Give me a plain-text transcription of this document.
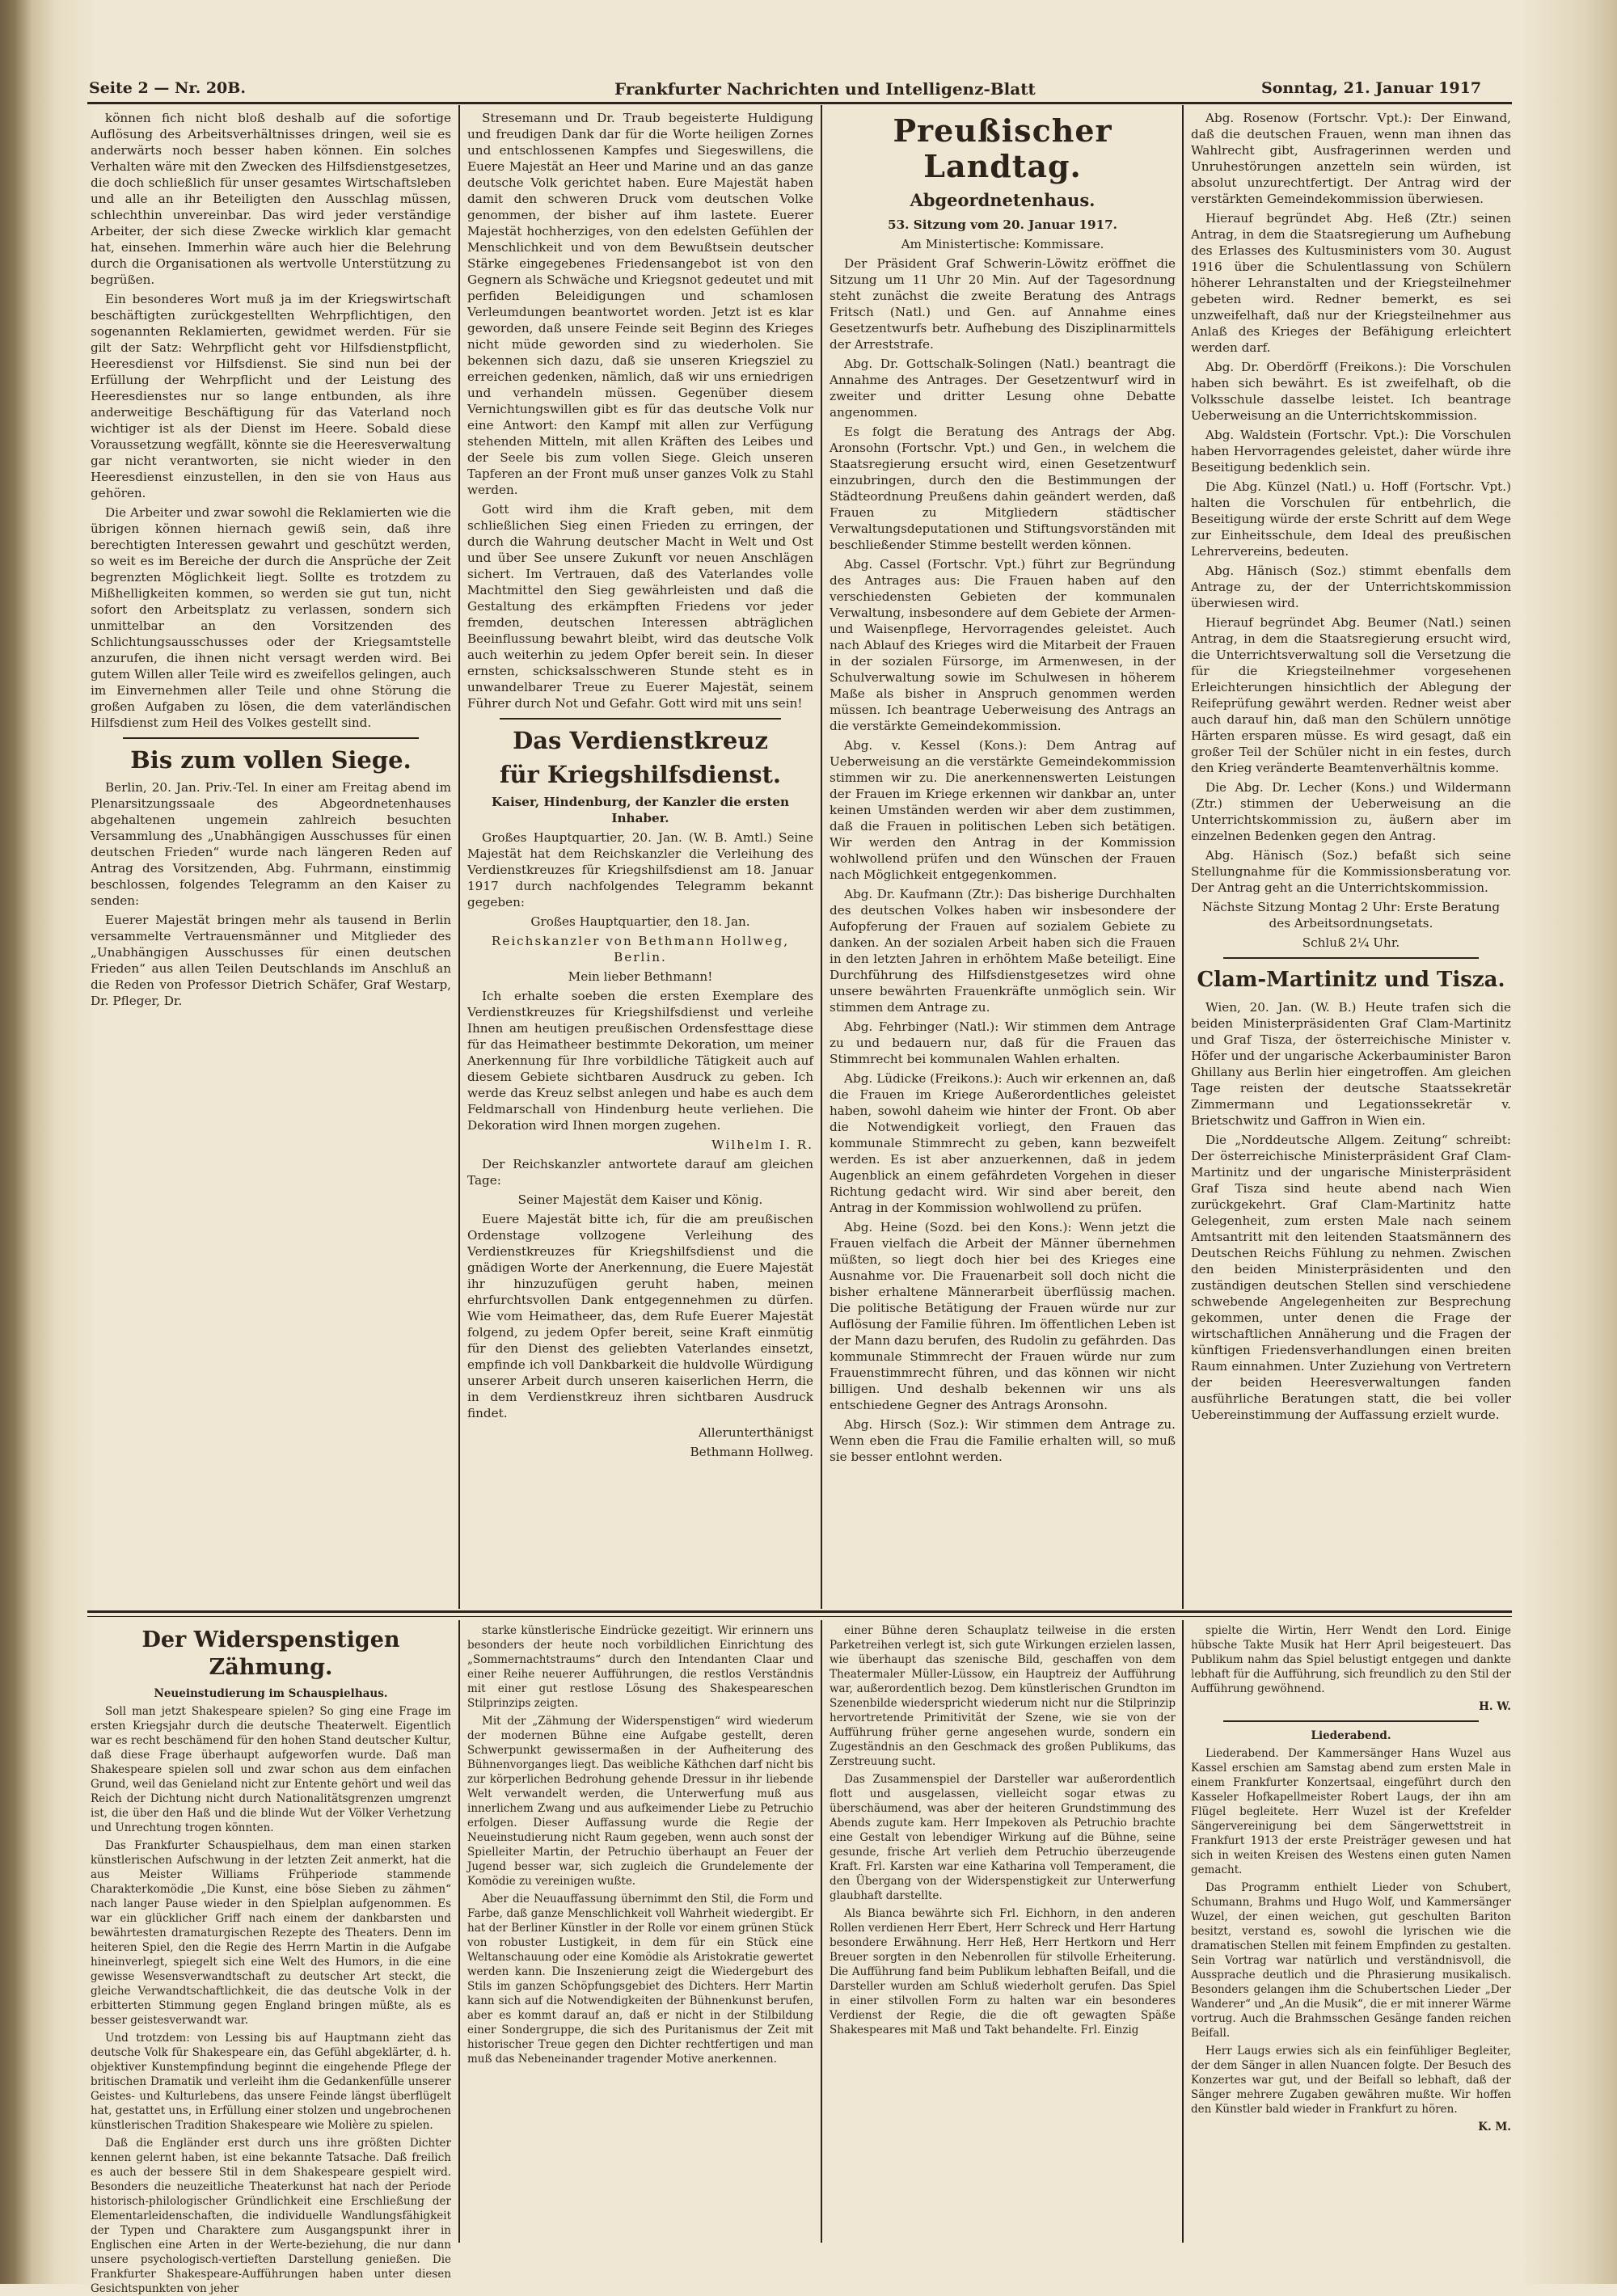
Seite 2 — Nr. 20B.	Frankfurter Nachrichten und Intelligenz-Blatt	Sonntag, 21. Januar 1917

können fich nicht bloß deshalb auf die sofortige Auflösung des Arbeitsverhältnisses dringen, weil sie es anderwärts noch besser haben können. Ein solches Verhalten wäre mit den Zwecken des Hilfsdienstgesetzes, die doch schließlich für unser gesamtes Wirtschaftsleben und alle an ihr Beteiligten den Ausschlag müssen, schlechthin unvereinbar. Das wird jeder verständige Arbeiter, der sich diese Zwecke wirklich klar gemacht hat, einsehen. Immerhin wäre auch hier die Belehrung durch die Organisationen als wertvolle Unterstützung zu begrüßen.

Ein besonderes Wort muß ja im der Kriegswirtschaft beschäftigten zurückgestellten Wehrpflichtigen, den sogenannten Reklamierten, gewidmet werden. Für sie gilt der Satz: Wehrpflicht geht vor Hilfsdienstpflicht, Heeresdienst vor Hilfsdienst. Sie sind nun bei der Erfüllung der Wehrpflicht und der Leistung des Heeresdienstes nur so lange entbunden, als ihre anderweitige Beschäftigung für das Vaterland noch wichtiger ist als der Dienst im Heere. Sobald diese Voraussetzung wegfällt, könnte sie die Heeresverwaltung gar nicht verantworten, sie nicht wieder in den Heeresdienst einzustellen, in den sie von Haus aus gehören.

Die Arbeiter und zwar sowohl die Reklamierten wie die übrigen können hiernach gewiß sein, daß ihre berechtigten Interessen gewahrt und geschützt werden, so weit es im Bereiche der durch die Ansprüche der Zeit begrenzten Möglichkeit liegt. Sollte es trotzdem zu Mißhelligkeiten kommen, so werden sie gut tun, nicht sofort den Arbeitsplatz zu verlassen, sondern sich unmittelbar an den Vorsitzenden des Schlichtungsausschusses oder der Kriegsamtstelle anzurufen, die ihnen nicht versagt werden wird. Bei gutem Willen aller Teile wird es zweifellos gelingen, auch im Einvernehmen aller Teile und ohne Störung die großen Aufgaben zu lösen, die dem vaterländischen Hilfsdienst zum Heil des Volkes gestellt sind.

Bis zum vollen Siege.

Berlin, 20. Jan. Priv.-Tel. In einer am Freitag abend im Plenarsitzungssaale des Abgeordnetenhauses abgehaltenen ungemein zahlreich besuchten Versammlung des „Unabhängigen Ausschusses für einen deutschen Frieden“ wurde nach längeren Reden auf Antrag des Vorsitzenden, Abg. Fuhrmann, einstimmig beschlossen, folgendes Telegramm an den Kaiser zu senden:

Euerer Majestät bringen mehr als tausend in Berlin versammelte Vertrauensmänner und Mitglieder des „Unabhängigen Ausschusses für einen deutschen Frieden“ aus allen Teilen Deutschlands im Anschluß an die Reden von Professor Dietrich Schäfer, Graf Westarp, Dr. Pfleger, Dr.

Stresemann und Dr. Traub begeisterte Huldigung und freudigen Dank dar für die Worte heiligen Zornes und entschlossenen Kampfes und Siegeswillens, die Euere Majestät an Heer und Marine und an das ganze deutsche Volk gerichtet haben. Eure Majestät haben damit den schweren Druck vom deutschen Volke genommen, der bisher auf ihm lastete. Euerer Majestät hochherziges, von den edelsten Gefühlen der Menschlichkeit und von dem Bewußtsein deutscher Stärke eingegebenes Friedensangebot ist von den Gegnern als Schwäche und Kriegsnot gedeutet und mit perfiden Beleidigungen und schamlosen Verleumdungen beantwortet worden. Jetzt ist es klar geworden, daß unsere Feinde seit Beginn des Krieges nicht müde geworden sind zu wiederholen. Sie bekennen sich dazu, daß sie unseren Kriegsziel zu erreichen gedenken, nämlich, daß wir uns erniedrigen und verhandeln müssen. Gegenüber diesem Vernichtungswillen gibt es für das deutsche Volk nur eine Antwort: den Kampf mit allen zur Verfügung stehenden Mitteln, mit allen Kräften des Leibes und der Seele bis zum vollen Siege. Gleich unseren Tapferen an der Front muß unser ganzes Volk zu Stahl werden.

Gott wird ihm die Kraft geben, mit dem schließlichen Sieg einen Frieden zu erringen, der durch die Wahrung deutscher Macht in Welt und Ost und über See unsere Zukunft vor neuen Anschlägen sichert. Im Vertrauen, daß des Vaterlandes volle Machtmittel den Sieg gewährleisten und daß die Gestaltung des erkämpften Friedens vor jeder fremden, deutschen Interessen abträglichen Beeinflussung bewahrt bleibt, wird das deutsche Volk auch weiterhin zu jedem Opfer bereit sein. In dieser ernsten, schicksalsschweren Stunde steht es in unwandelbarer Treue zu Euerer Majestät, seinem Führer durch Not und Gefahr. Gott wird mit uns sein!

Das Verdienstkreuz
für Kriegshilfsdienst.

Kaiser, Hindenburg, der Kanzler die ersten Inhaber.

Großes Hauptquartier, 20. Jan. (W. B. Amtl.) Seine Majestät hat dem Reichskanzler die Verleihung des Verdienstkreuzes für Kriegshilfsdienst am 18. Januar 1917 durch nachfolgendes Telegramm bekannt gegeben:

Großes Hauptquartier, den 18. Jan.

Reichskanzler von Bethmann Hollweg, Berlin.

Mein lieber Bethmann!

Ich erhalte soeben die ersten Exemplare des Verdienstkreuzes für Kriegshilfsdienst und verleihe Ihnen am heutigen preußischen Ordensfesttage diese für das Heimatheer bestimmte Dekoration, um meiner Anerkennung für Ihre vorbildliche Tätigkeit auch auf diesem Gebiete sichtbaren Ausdruck zu geben. Ich werde das Kreuz selbst anlegen und habe es auch dem Feldmarschall von Hindenburg heute verliehen. Die Dekoration wird Ihnen morgen zugehen.

Wilhelm I. R.

Der Reichskanzler antwortete darauf am gleichen Tage:

Seiner Majestät dem Kaiser und König.

Euere Majestät bitte ich, für die am preußischen Ordenstage vollzogene Verleihung des Verdienstkreuzes für Kriegshilfsdienst und die gnädigen Worte der Anerkennung, die Euere Majestät ihr hinzuzufügen geruht haben, meinen ehrfurchtsvollen Dank entgegennehmen zu dürfen. Wie vom Heimatheer, das, dem Rufe Euerer Majestät folgend, zu jedem Opfer bereit, seine Kraft einmütig für den Dienst des geliebten Vaterlandes einsetzt, empfinde ich voll Dankbarkeit die huldvolle Würdigung unserer Arbeit durch unseren kaiserlichen Herrn, die in dem Verdienstkreuz ihren sichtbaren Ausdruck findet.

Allerunterthänigst

Bethmann Hollweg.

Preußischer Landtag.
Abgeordnetenhaus.

53. Sitzung vom 20. Januar 1917.

Am Ministertische: Kommissare.

Der Präsident Graf Schwerin-Löwitz eröffnet die Sitzung um 11 Uhr 20 Min. Auf der Tagesordnung steht zunächst die zweite Beratung des Antrags Fritsch (Natl.) und Gen. auf Annahme eines Gesetzentwurfs betr. Aufhebung des Disziplinarmittels der Arreststrafe.

Abg. Dr. Gottschalk-Solingen (Natl.) beantragt die Annahme des Antrages. Der Gesetzentwurf wird in zweiter und dritter Lesung ohne Debatte angenommen.

Es folgt die Beratung des Antrags der Abg. Aronsohn (Fortschr. Vpt.) und Gen., in welchem die Staatsregierung ersucht wird, einen Gesetzentwurf einzubringen, durch den die Bestimmungen der Städteordnung Preußens dahin geändert werden, daß Frauen zu Mitgliedern städtischer Verwaltungsdeputationen und Stiftungsvorständen mit beschließender Stimme bestellt werden können.

Abg. Cassel (Fortschr. Vpt.) führt zur Begründung des Antrages aus: Die Frauen haben auf den verschiedensten Gebieten der kommunalen Verwaltung, insbesondere auf dem Gebiete der Armen- und Waisenpflege, Hervorragendes geleistet. Auch nach Ablauf des Krieges wird die Mitarbeit der Frauen in der sozialen Fürsorge, im Armenwesen, in der Schulverwaltung sowie im Schulwesen in höherem Maße als bisher in Anspruch genommen werden müssen. Ich beantrage Ueberweisung des Antrags an die verstärkte Gemeindekommission.

Abg. v. Kessel (Kons.): Dem Antrag auf Ueberweisung an die verstärkte Gemeindekommission stimmen wir zu. Die anerkennenswerten Leistungen der Frauen im Kriege erkennen wir dankbar an, unter keinen Umständen werden wir aber dem zustimmen, daß die Frauen in politischen Leben sich betätigen. Wir werden den Antrag in der Kommission wohlwollend prüfen und den Wünschen der Frauen nach Möglichkeit entgegenkommen.

Abg. Dr. Kaufmann (Ztr.): Das bisherige Durchhalten des deutschen Volkes haben wir insbesondere der Aufopferung der Frauen auf sozialem Gebiete zu danken. An der sozialen Arbeit haben sich die Frauen in den letzten Jahren in erhöhtem Maße beteiligt. Eine Durchführung des Hilfsdienstgesetzes wird ohne unsere bewährten Frauenkräfte unmöglich sein. Wir stimmen dem Antrage zu.

Abg. Fehrbinger (Natl.): Wir stimmen dem Antrage zu und bedauern nur, daß für die Frauen das Stimmrecht bei kommunalen Wahlen erhalten.

Abg. Lüdicke (Freikons.): Auch wir erkennen an, daß die Frauen im Kriege Außerordentliches geleistet haben, sowohl daheim wie hinter der Front. Ob aber die Notwendigkeit vorliegt, den Frauen das kommunale Stimmrecht zu geben, kann bezweifelt werden. Es ist aber anzuerkennen, daß in jedem Augenblick an einem gefährdeten Vorgehen in dieser Richtung gedacht wird. Wir sind aber bereit, den Antrag in der Kommission wohlwollend zu prüfen.

Abg. Heine (Sozd. bei den Kons.): Wenn jetzt die Frauen vielfach die Arbeit der Männer übernehmen müßten, so liegt doch hier bei des Krieges eine Ausnahme vor. Die Frauenarbeit soll doch nicht die bisher erhaltene Männerarbeit überflüssig machen. Die politische Betätigung der Frauen würde nur zur Auflösung der Familie führen. Im öffentlichen Leben ist der Mann dazu berufen, des Rudolin zu gefährden. Das kommunale Stimmrecht der Frauen würde nur zum Frauenstimmrecht führen, und das können wir nicht billigen. Und deshalb bekennen wir uns als entschiedene Gegner des Antrags Aronsohn.

Abg. Hirsch (Soz.): Wir stimmen dem Antrage zu. Wenn eben die Frau die Familie erhalten will, so muß sie besser entlohnt werden.

Abg. Rosenow (Fortschr. Vpt.): Der Einwand, daß die deutschen Frauen, wenn man ihnen das Wahlrecht gibt, Ausfragerinnen werden und Unruhestörungen anzetteln sein würden, ist absolut unzurechtfertigt. Der Antrag wird der verstärkten Gemeindekommission überwiesen.

Hierauf begründet Abg. Heß (Ztr.) seinen Antrag, in dem die Staatsregierung um Aufhebung des Erlasses des Kultusministers vom 30. August 1916 über die Schulentlassung von Schülern höherer Lehranstalten und der Kriegsteilnehmer gebeten wird. Redner bemerkt, es sei unzweifelhaft, daß nur der Kriegsteilnehmer aus Anlaß des Krieges der Befähigung erleichtert werden darf.

Abg. Dr. Oberdörff (Freikons.): Die Vorschulen haben sich bewährt. Es ist zweifelhaft, ob die Volksschule dasselbe leistet. Ich beantrage Ueberweisung an die Unterrichtskommission.

Abg. Waldstein (Fortschr. Vpt.): Die Vorschulen haben Hervorragendes geleistet, daher würde ihre Beseitigung bedenklich sein.

Die Abg. Künzel (Natl.) u. Hoff (Fortschr. Vpt.) halten die Vorschulen für entbehrlich, die Beseitigung würde der erste Schritt auf dem Wege zur Einheitsschule, dem Ideal des preußischen Lehrervereins, bedeuten.

Abg. Hänisch (Soz.) stimmt ebenfalls dem Antrage zu, der der Unterrichtskommission überwiesen wird.

Hierauf begründet Abg. Beumer (Natl.) seinen Antrag, in dem die Staatsregierung ersucht wird, die Unterrichtsverwaltung soll die Versetzung die für die Kriegsteilnehmer vorgesehenen Erleichterungen hinsichtlich der Ablegung der Reifeprüfung gewährt werden. Redner weist aber auch darauf hin, daß man den Schülern unnötige Härten ersparen müsse. Es wird gesagt, daß ein großer Teil der Schüler nicht in ein festes, durch den Krieg veränderte Beamtenverhältnis komme.

Die Abg. Dr. Lecher (Kons.) und Wildermann (Ztr.) stimmen der Ueberweisung an die Unterrichtskommission zu, äußern aber im einzelnen Bedenken gegen den Antrag.

Abg. Hänisch (Soz.) befaßt sich seine Stellungnahme für die Kommissionsberatung vor. Der Antrag geht an die Unterrichtskommission.

Nächste Sitzung Montag 2 Uhr: Erste Beratung des Arbeitsordnungsetats.

Schluß 2¼ Uhr.

Clam-Martinitz und Tisza.

Wien, 20. Jan. (W. B.) Heute trafen sich die beiden Ministerpräsidenten Graf Clam-Martinitz und Graf Tisza, der österreichische Minister v. Höfer und der ungarische Ackerbauminister Baron Ghillany aus Berlin hier eingetroffen. Am gleichen Tage reisten der deutsche Staatssekretär Zimmermann und Legationssekretär v. Brietschwitz und Gaffron in Wien ein.

Die „Norddeutsche Allgem. Zeitung“ schreibt: Der österreichische Ministerpräsident Graf Clam-Martinitz und der ungarische Ministerpräsident Graf Tisza sind heute abend nach Wien zurückgekehrt. Graf Clam-Martinitz hatte Gelegenheit, zum ersten Male nach seinem Amtsantritt mit den leitenden Staatsmännern des Deutschen Reichs Fühlung zu nehmen. Zwischen den beiden Ministerpräsidenten und den zuständigen deutschen Stellen sind verschiedene schwebende Angelegenheiten zur Besprechung gekommen, unter denen die Frage der wirtschaftlichen Annäherung und die Fragen der künftigen Friedensverhandlungen einen breiten Raum einnahmen. Unter Zuziehung von Vertretern der beiden Heeresverwaltungen fanden ausführliche Beratungen statt, die bei voller Uebereinstimmung der Auffassung erzielt wurde.

Der Widerspenstigen Zähmung.

Neueinstudierung im Schauspielhaus.

Soll man jetzt Shakespeare spielen? So ging eine Frage im ersten Kriegsjahr durch die deutsche Theaterwelt. Eigentlich war es recht beschämend für den hohen Stand deutscher Kultur, daß diese Frage überhaupt aufgeworfen wurde. Daß man Shakespeare spielen soll und zwar schon aus dem einfachen Grund, weil das Genieland nicht zur Entente gehört und weil das Reich der Dichtung nicht durch Nationalitätsgrenzen umgrenzt ist, die über den Haß und die blinde Wut der Völker Verhetzung und Unrechtung trogen könnten.

Das Frankfurter Schauspielhaus, dem man einen starken künstlerischen Aufschwung in der letzten Zeit anmerkt, hat die aus Meister Williams Frühperiode stammende Charakterkomödie „Die Kunst, eine böse Sieben zu zähmen“ nach langer Pause wieder in den Spielplan aufgenommen. Es war ein glücklicher Griff nach einem der dankbarsten und bewährtesten dramaturgischen Rezepte des Theaters. Denn im heiteren Spiel, den die Regie des Herrn Martin in die Aufgabe hineinverlegt, spiegelt sich eine Welt des Humors, in die eine gewisse Wesensverwandtschaft zu deutscher Art steckt, die gleiche Verwandtschaftlichkeit, die das deutsche Volk in der erbitterten Stimmung gegen England bringen müßte, als es besser geistesverwandt war.

Und trotzdem: von Lessing bis auf Hauptmann zieht das deutsche Volk für Shakespeare ein, das Gefühl abgeklärter, d. h. objektiver Kunstempfindung beginnt die eingehende Pflege der britischen Dramatik und verleiht ihm die Gedankenfülle unserer Geistes- und Kulturlebens, das unsere Feinde längst überflügelt hat, gestattet uns, in Erfüllung einer stolzen und ungebrochenen künstlerischen Tradition Shakespeare wie Molière zu spielen.

Daß die Engländer erst durch uns ihre größten Dichter kennen gelernt haben, ist eine bekannte Tatsache. Daß freilich es auch der bessere Stil in dem Shakespeare gespielt wird. Besonders die neuzeitliche Theaterkunst hat nach der Periode historisch-philologischer Gründlichkeit eine Erschließung der Elementarleidenschaften, die individuelle Wandlungsfähigkeit der Typen und Charaktere zum Ausgangspunkt ihrer in Englischen eine Arten in der Werte-beziehung, die nur dann unsere psychologisch-vertieften Darstellung genießen. Die Frankfurter Shakespeare-Aufführungen haben unter diesen Gesichtspunkten von jeher

starke künstlerische Eindrücke gezeitigt. Wir erinnern uns besonders der heute noch vorbildlichen Einrichtung des „Sommernachtstraums“ durch den Intendanten Claar und einer Reihe neuerer Aufführungen, die restlos Verständnis mit einer gut restlose Lösung des Shakespeareschen Stilprinzips zeigten.

Mit der „Zähmung der Widerspenstigen“ wird wiederum der modernen Bühne eine Aufgabe gestellt, deren Schwerpunkt gewissermaßen in der Aufheiterung des Bühnenvorganges liegt. Das weibliche Käthchen darf nicht bis zur körperlichen Bedrohung gehende Dressur in ihr liebende Welt verwandelt werden, die Unterwerfung muß aus innerlichem Zwang und aus aufkeimender Liebe zu Petruchio erfolgen. Dieser Auffassung wurde die Regie der Neueinstudierung nicht Raum gegeben, wenn auch sonst der Spielleiter Martin, der Petruchio überhaupt an Feuer der Jugend besser war, sich zugleich die Grundelemente der Komödie zu vereinigen wußte.

Aber die Neuauffassung übernimmt den Stil, die Form und Farbe, daß ganze Menschlichkeit voll Wahrheit wiedergibt. Er hat der Berliner Künstler in der Rolle vor einem grünen Stück von robuster Lustigkeit, in dem für ein Stück eine Weltanschauung oder eine Komödie als Aristokratie gewertet werden kann. Die Inszenierung zeigt die Wiedergeburt des Stils im ganzen Schöpfungsgebiet des Dichters. Herr Martin kann sich auf die Notwendigkeiten der Bühnenkunst berufen, aber es kommt darauf an, daß er nicht in der Stilbildung einer Sondergruppe, die sich des Puritanismus der Zeit mit historischer Treue gegen den Dichter rechtfertigen und man muß das Nebeneinander tragender Motive anerkennen.

einer Bühne deren Schauplatz teilweise in die ersten Parketreihen verlegt ist, sich gute Wirkungen erzielen lassen, wie überhaupt das szenische Bild, geschaffen von dem Theatermaler Müller-Lüssow, ein Hauptreiz der Aufführung war, außerordentlich bezog. Dem künstlerischen Grundton im Szenenbilde wiederspricht wiederum nicht nur die Stilprinzip hervortretende Primitivität der Szene, wie sie von der Aufführung früher gerne angesehen wurde, sondern ein Zugeständnis an den Geschmack des großen Publikums, das Zerstreuung sucht.

Das Zusammenspiel der Darsteller war außerordentlich flott und ausgelassen, vielleicht sogar etwas zu überschäumend, was aber der heiteren Grundstimmung des Abends zugute kam. Herr Impekoven als Petruchio brachte eine Gestalt von lebendiger Wirkung auf die Bühne, seine gesunde, frische Art verlieh dem Petruchio überzeugende Kraft. Frl. Karsten war eine Katharina voll Temperament, die den Übergang von der Widerspenstigkeit zur Unterwerfung glaubhaft darstellte.

Als Bianca bewährte sich Frl. Eichhorn, in den anderen Rollen verdienen Herr Ebert, Herr Schreck und Herr Hartung besondere Erwähnung. Herr Heß, Herr Hertkorn und Herr Breuer sorgten in den Nebenrollen für stilvolle Erheiterung. Die Aufführung fand beim Publikum lebhaften Beifall, und die Darsteller wurden am Schluß wiederholt gerufen. Das Spiel in einer stilvollen Form zu halten war ein besonderes Verdienst der Regie, die die oft gewagten Späße Shakespeares mit Maß und Takt behandelte. Frl. Einzig

spielte die Wirtin, Herr Wendt den Lord. Einige hübsche Takte Musik hat Herr April beigesteuert. Das Publikum nahm das Spiel belustigt entgegen und dankte lebhaft für die Aufführung, sich freundlich zu den Stil der Aufführung gewöhnend.

H. W.

Liederabend.

Liederabend. Der Kammersänger Hans Wuzel aus Kassel erschien am Samstag abend zum ersten Male in einem Frankfurter Konzertsaal, eingeführt durch den Kasseler Hofkapellmeister Robert Laugs, der ihn am Flügel begleitete. Herr Wuzel ist der Krefelder Sängervereinigung bei dem Sängerwettstreit in Frankfurt 1913 der erste Preisträger gewesen und hat sich in weiten Kreisen des Westens einen guten Namen gemacht.

Das Programm enthielt Lieder von Schubert, Schumann, Brahms und Hugo Wolf, und Kammersänger Wuzel, der einen weichen, gut geschulten Bariton besitzt, verstand es, sowohl die lyrischen wie die dramatischen Stellen mit feinem Empfinden zu gestalten. Sein Vortrag war natürlich und verständnisvoll, die Aussprache deutlich und die Phrasierung musikalisch. Besonders gelangen ihm die Schubertschen Lieder „Der Wanderer“ und „An die Musik“, die er mit innerer Wärme vortrug. Auch die Brahmsschen Gesänge fanden reichen Beifall.

Herr Laugs erwies sich als ein feinfühliger Begleiter, der dem Sänger in allen Nuancen folgte. Der Besuch des Konzertes war gut, und der Beifall so lebhaft, daß der Sänger mehrere Zugaben gewähren mußte. Wir hoffen den Künstler bald wieder in Frankfurt zu hören.

K. M.
